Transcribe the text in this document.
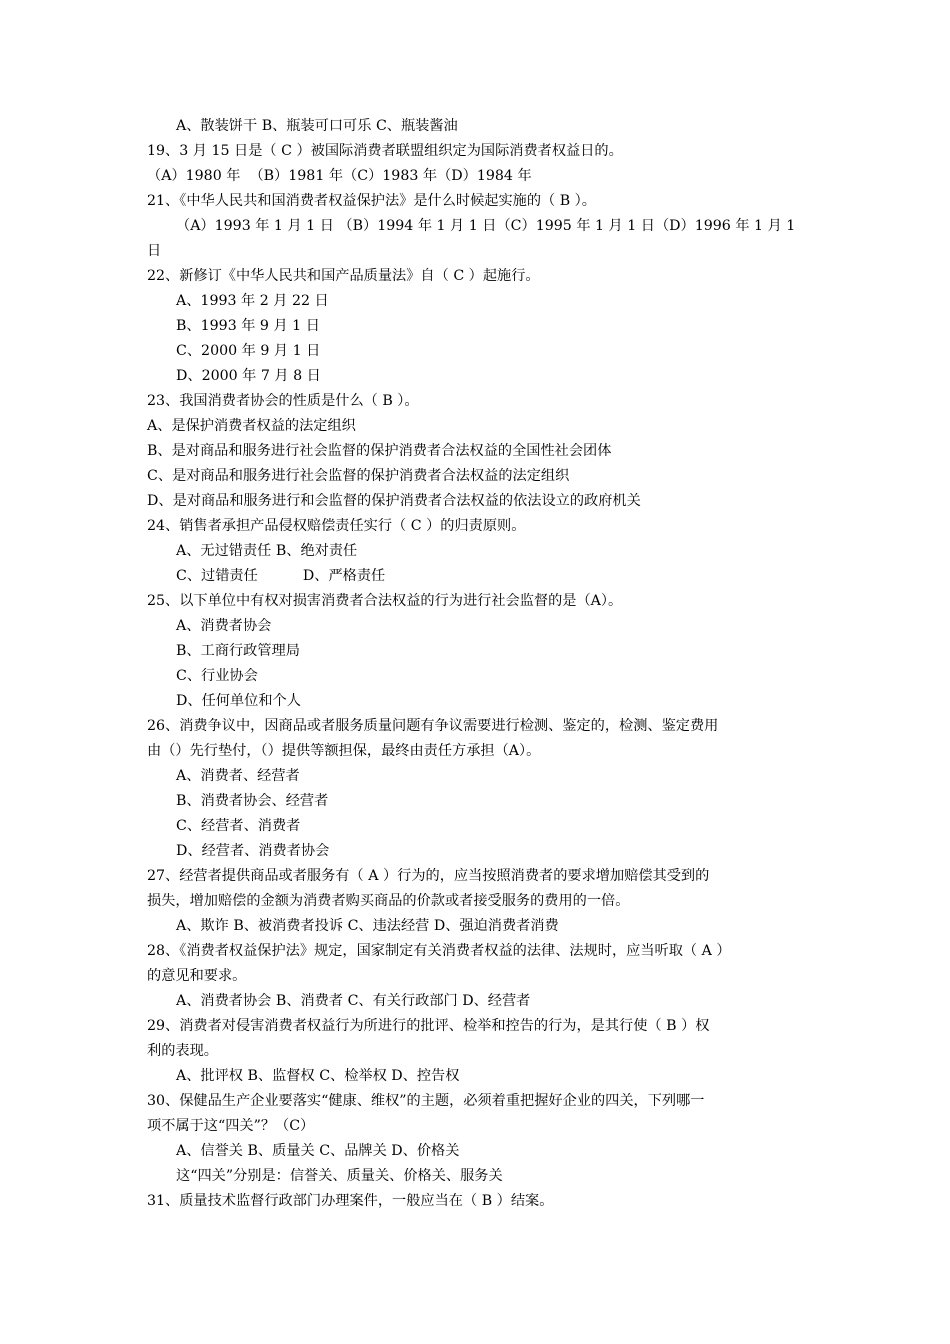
A、散装饼干 B、瓶装可口可乐 C、瓶装酱油
19、3 月 15 日是（ C ）被国际消费者联盟组织定为国际消费者权益日的。
（A）1980 年  （B）1981 年（C）1983 年（D）1984 年
21、《中华人民共和国消费者权益保护法》是什么时候起实施的（ B ）。
（A）1993 年 1 月 1 日 （B）1994 年 1 月 1 日（C）1995 年 1 月 1 日（D）1996 年 1 月 1
日
22、新修订《中华人民共和国产品质量法》自（ C ）起施行。
A、1993 年 2 月 22 日
B、1993 年 9 月 1 日
C、2000 年 9 月 1 日
D、2000 年 7 月 8 日
23、我国消费者协会的性质是什么（ B ）。
A、是保护消费者权益的法定组织
B、是对商品和服务进行社会监督的保护消费者合法权益的全国性社会团体
C、是对商品和服务进行社会监督的保护消费者合法权益的法定组织
D、是对商品和服务进行和会监督的保护消费者合法权益的依法设立的政府机关
24、销售者承担产品侵权赔偿责任实行（ C ）的归责原则。
A、无过错责任 B、绝对责任
C、过错责任          D、严格责任
25、以下单位中有权对损害消费者合法权益的行为进行社会监督的是（A）。
A、消费者协会
B、工商行政管理局
C、行业协会
D、任何单位和个人
26、消费争议中，因商品或者服务质量问题有争议需要进行检测、鉴定的，检测、鉴定费用
由（）先行垫付，（）提供等额担保，最终由责任方承担（A）。
A、消费者、经营者
B、消费者协会、经营者
C、经营者、消费者
D、经营者、消费者协会
27、经营者提供商品或者服务有（ A ）行为的，应当按照消费者的要求增加赔偿其受到的
损失，增加赔偿的金额为消费者购买商品的价款或者接受服务的费用的一倍。
A、欺诈 B、被消费者投诉 C、违法经营 D、强迫消费者消费
28、《消费者权益保护法》规定，国家制定有关消费者权益的法律、法规时，应当听取（ A ）
的意见和要求。
A、消费者协会 B、消费者 C、有关行政部门 D、经营者
29、消费者对侵害消费者权益行为所进行的批评、检举和控告的行为，是其行使（ B ）权
利的表现。
A、批评权 B、监督权 C、检举权 D、控告权
30、保健品生产企业要落实“健康、维权”的主题，必须着重把握好企业的四关，下列哪一
项不属于这“四关”？（C）
A、信誉关 B、质量关 C、品牌关 D、价格关
这“四关”分别是：信誉关、质量关、价格关、服务关
31、质量技术监督行政部门办理案件，一般应当在（ B ）结案。
